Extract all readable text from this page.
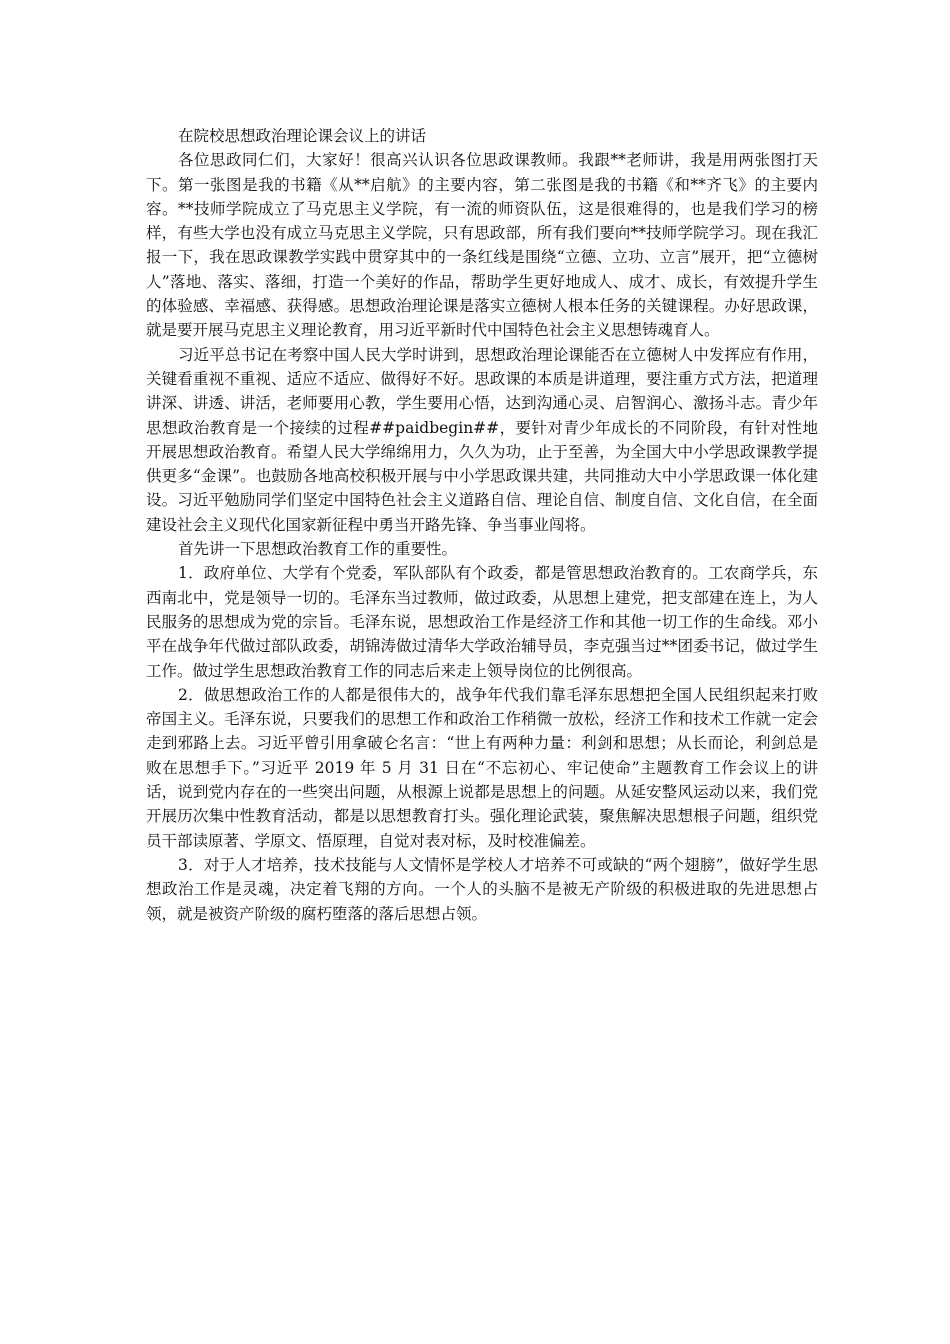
在院校思想政治理论课会议上的讲话

各位思政同仁们，大家好！很高兴认识各位思政课教师。我跟**老师讲，我是用两张图打天下。第一张图是我的书籍《从**启航》的主要内容，第二张图是我的书籍《和**齐飞》的主要内容。**技师学院成立了马克思主义学院，有一流的师资队伍，这是很难得的，也是我们学习的榜样，有些大学也没有成立马克思主义学院，只有思政部，所有我们要向**技师学院学习。现在我汇报一下，我在思政课教学实践中贯穿其中的一条红线是围绕“立德、立功、立言”展开，把“立德树人”落地、落实、落细，打造一个美好的作品，帮助学生更好地成人、成才、成长，有效提升学生的体验感、幸福感、获得感。思想政治理论课是落实立德树人根本任务的关键课程。办好思政课，就是要开展马克思主义理论教育，用习近平新时代中国特色社会主义思想铸魂育人。

习近平总书记在考察中国人民大学时讲到，思想政治理论课能否在立德树人中发挥应有作用，关键看重视不重视、适应不适应、做得好不好。思政课的本质是讲道理，要注重方式方法，把道理讲深、讲透、讲活，老师要用心教，学生要用心悟，达到沟通心灵、启智润心、激扬斗志。青少年思想政治教育是一个接续的过程##paidbegin##，要针对青少年成长的不同阶段，有针对性地开展思想政治教育。希望人民大学绵绵用力，久久为功，止于至善，为全国大中小学思政课教学提供更多“金课”。也鼓励各地高校积极开展与中小学思政课共建，共同推动大中小学思政课一体化建设。习近平勉励同学们坚定中国特色社会主义道路自信、理论自信、制度自信、文化自信，在全面建设社会主义现代化国家新征程中勇当开路先锋、争当事业闯将。

首先讲一下思想政治教育工作的重要性。

1．政府单位、大学有个党委，军队部队有个政委，都是管思想政治教育的。工农商学兵，东西南北中，党是领导一切的。毛泽东当过教师，做过政委，从思想上建党，把支部建在连上，为人民服务的思想成为党的宗旨。毛泽东说，思想政治工作是经济工作和其他一切工作的生命线。邓小平在战争年代做过部队政委，胡锦涛做过清华大学政治辅导员，李克强当过**团委书记，做过学生工作。做过学生思想政治教育工作的同志后来走上领导岗位的比例很高。

2．做思想政治工作的人都是很伟大的，战争年代我们靠毛泽东思想把全国人民组织起来打败帝国主义。毛泽东说，只要我们的思想工作和政治工作稍微一放松，经济工作和技术工作就一定会走到邪路上去。习近平曾引用拿破仑名言：“世上有两种力量：利剑和思想；从长而论，利剑总是败在思想手下。”习近平 2019 年 5 月 31 日在“不忘初心、牢记使命”主题教育工作会议上的讲话，说到党内存在的一些突出问题，从根源上说都是思想上的问题。从延安整风运动以来，我们党开展历次集中性教育活动，都是以思想教育打头。强化理论武装，聚焦解决思想根子问题，组织党员干部读原著、学原文、悟原理，自觉对表对标，及时校准偏差。

3．对于人才培养，技术技能与人文情怀是学校人才培养不可或缺的“两个翅膀”，做好学生思想政治工作是灵魂，决定着飞翔的方向。一个人的头脑不是被无产阶级的积极进取的先进思想占领，就是被资产阶级的腐朽堕落的落后思想占领。
